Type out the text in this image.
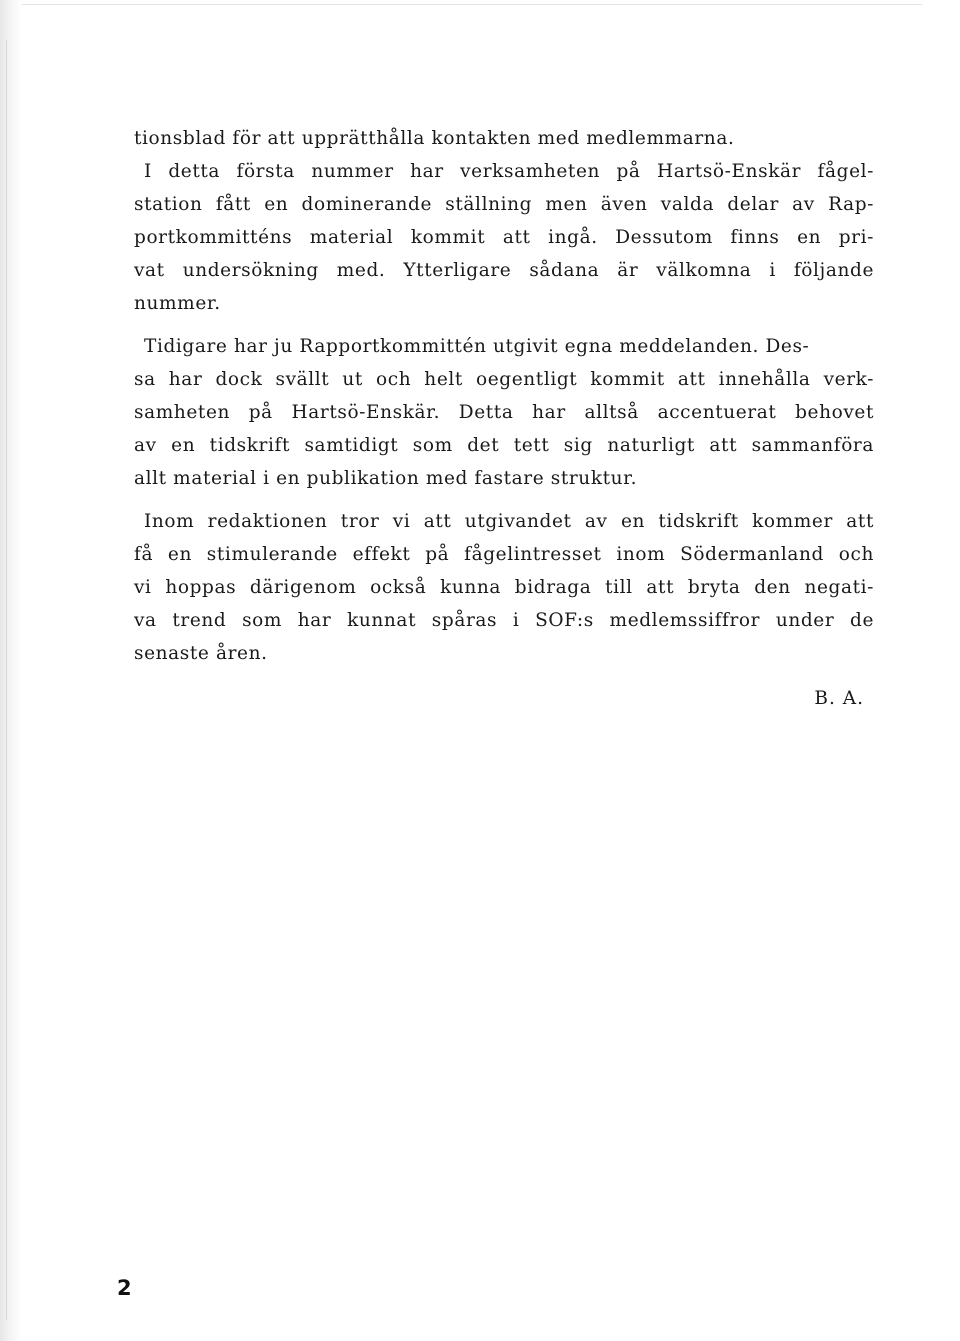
tionsblad för att upprätthålla kontakten med medlemmarna.
I detta första nummer har verksamheten på Hartsö-Enskär fågel-
station fått en dominerande ställning men även valda delar av Rap-
portkommitténs material kommit att ingå. Dessutom finns en pri-
vat undersökning med. Ytterligare sådana är välkomna i följande
nummer.
Tidigare har ju Rapportkommittén utgivit egna meddelanden. Des-
sa har dock svällt ut och helt oegentligt kommit att innehålla verk-
samheten på Hartsö-Enskär. Detta har alltså accentuerat behovet
av en tidskrift samtidigt som det tett sig naturligt att sammanföra
allt material i en publikation med fastare struktur.
Inom redaktionen tror vi att utgivandet av en tidskrift kommer att
få en stimulerande effekt på fågelintresset inom Södermanland och
vi hoppas därigenom också kunna bidraga till att bryta den negati-
va trend som har kunnat spåras i SOF:s medlemssiffror under de
senaste åren.
B. A.
2
